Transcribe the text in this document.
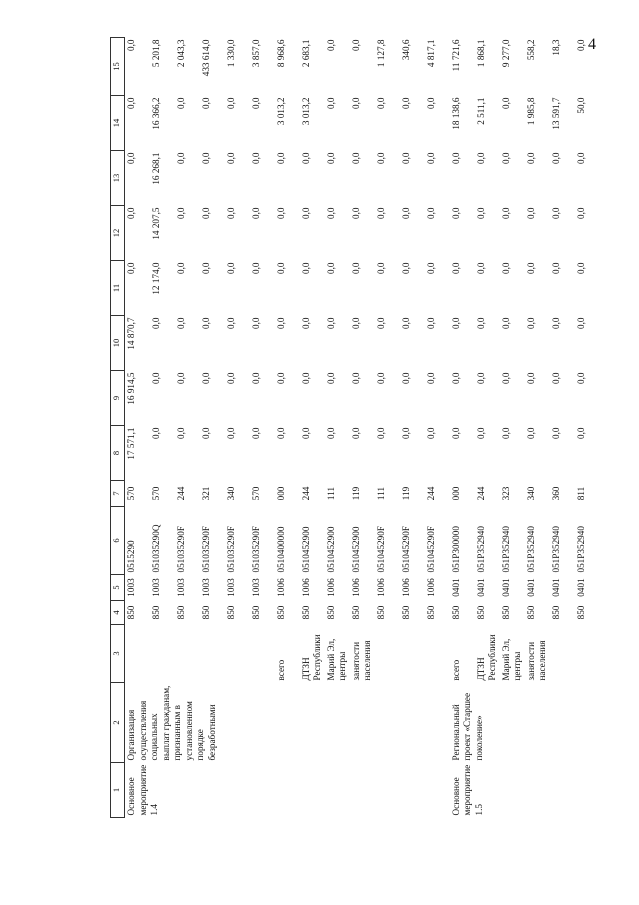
4
1	2	3	4	5	6	7	8	9	10	11	12	13	14	15
Основное мероприятие 1.4	Организация осуществления социальных выплат гражданам, признанным в установленном порядке безработными		850	1003	0515290	570	17 571,1	16 914,5	14 870,7	0,0	0,0	0,0	0,0	0,0
			850	1003	051035290Q	570	0,0	0,0	0,0	12 174,0	14 207,5	16 268,1	16 366,2	5 201,8
			850	1003	051035290F	244	0,0	0,0	0,0	0,0	0,0	0,0	0,0	2 043,3
			850	1003	051035290F	321	0,0	0,0	0,0	0,0	0,0	0,0	0,0	433 614,0
			850	1003	051035290F	340	0,0	0,0	0,0	0,0	0,0	0,0	0,0	1 330,0
			850	1003	051035290F	570	0,0	0,0	0,0	0,0	0,0	0,0	0,0	3 857,0
		всего	850	1006	0510400000	000	0,0	0,0	0,0	0,0	0,0	0,0	3 013,2	8 968,6
		ДТЗН Республики	850	1006	0510452900	244	0,0	0,0	0,0	0,0	0,0	0,0	3 013,2	2 683,1
		Марий Эл, центры	850	1006	0510452900	111	0,0	0,0	0,0	0,0	0,0	0,0	0,0	0,0
		занятости населения	850	1006	0510452900	119	0,0	0,0	0,0	0,0	0,0	0,0	0,0	0,0
			850	1006	051045290F	111	0,0	0,0	0,0	0,0	0,0	0,0	0,0	1 127,8
			850	1006	051045290F	119	0,0	0,0	0,0	0,0	0,0	0,0	0,0	340,6
			850	1006	051045290F	244	0,0	0,0	0,0	0,0	0,0	0,0	0,0	4 817,1
Основное мероприятие 1.5	Региональный проект «Старшее поколение»	всего	850	0401	051P300000	000	0,0	0,0	0,0	0,0	0,0	0,0	18 138,6	11 721,6
		ДТЗН Республики	850	0401	051P352940	244	0,0	0,0	0,0	0,0	0,0	0,0	2 511,1	1 868,1
		Марий Эл, центры	850	0401	051P352940	323	0,0	0,0	0,0	0,0	0,0	0,0	0,0	9 277,0
		занятости населения	850	0401	051P352940	340	0,0	0,0	0,0	0,0	0,0	0,0	1 985,8	558,2
			850	0401	051P352940	360	0,0	0,0	0,0	0,0	0,0	0,0	13 591,7	18,3
			850	0401	051P352940	811	0,0	0,0	0,0	0,0	0,0	0,0	50,0	0,0
